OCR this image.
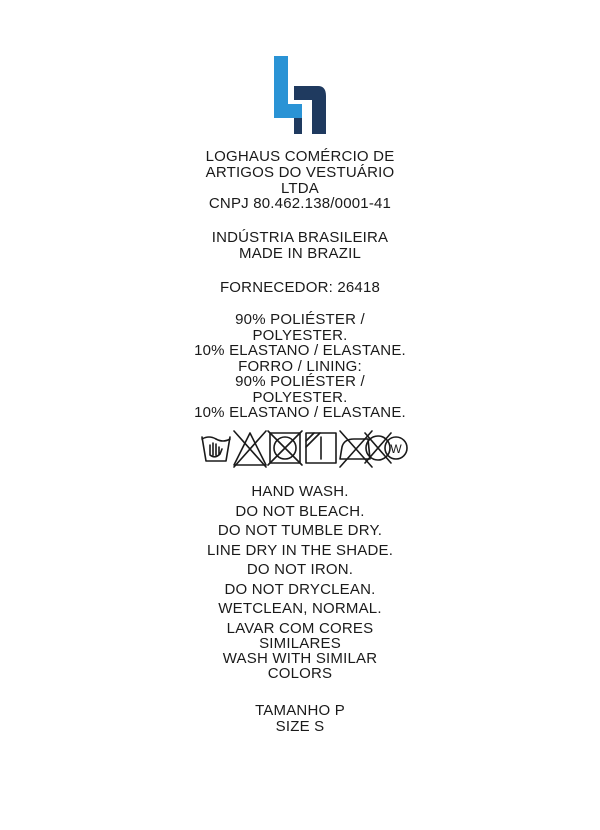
LOGHAUS COMÉRCIO DE
ARTIGOS DO VESTUÁRIO
LTDA
CNPJ 80.462.138/0001-41
INDÚSTRIA BRASILEIRA
MADE IN BRAZIL
FORNECEDOR: 26418
90% POLIÉSTER /
POLYESTER.
10% ELASTANO / ELASTANE.
FORRO / LINING:
90% POLIÉSTER /
POLYESTER.
10% ELASTANO / ELASTANE.
W
HAND WASH.
DO NOT BLEACH.
DO NOT TUMBLE DRY.
LINE DRY IN THE SHADE.
DO NOT IRON.
DO NOT DRYCLEAN.
WETCLEAN, NORMAL.
LAVAR COM CORES
SIMILARES
WASH WITH SIMILAR
COLORS
TAMANHO P
SIZE S
